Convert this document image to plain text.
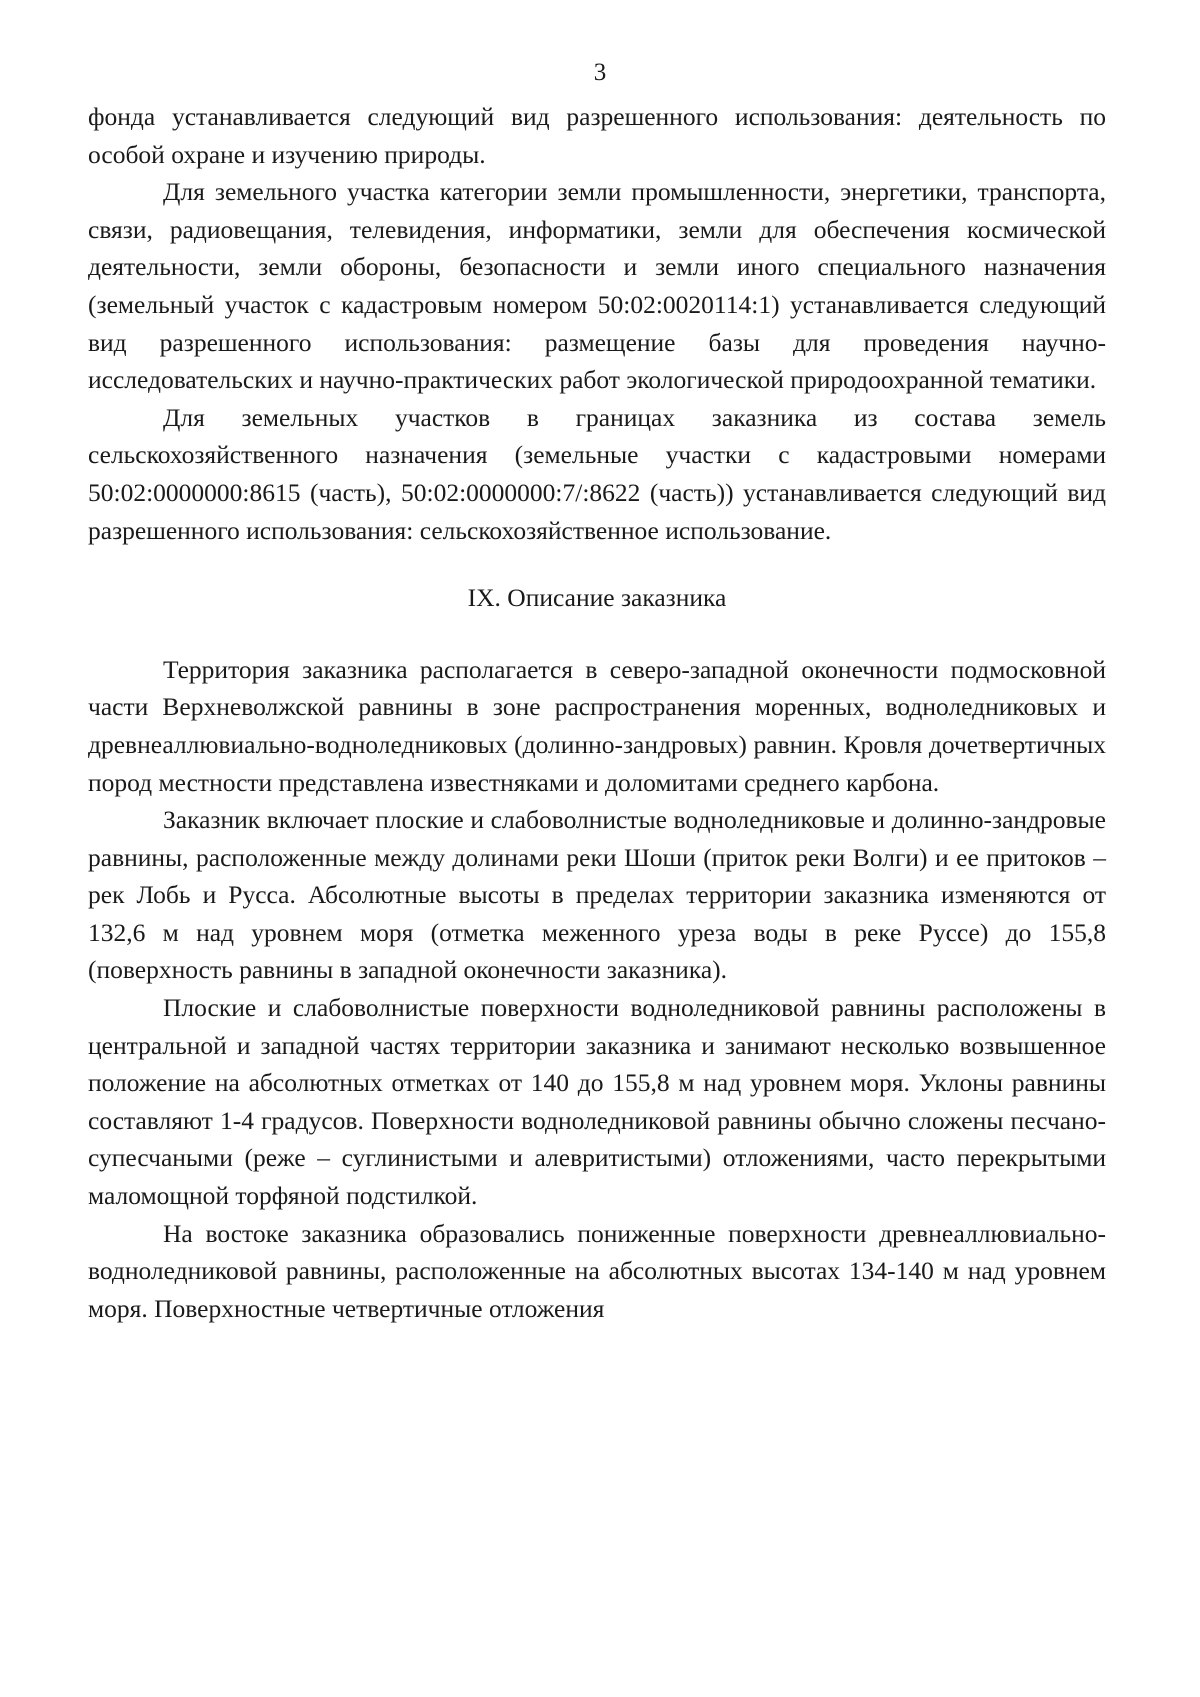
3

фонда устанавливается следующий вид разрешенного использования: деятельность по особой охране и изучению природы.

Для земельного участка категории земли промышленности, энергетики, транспорта, связи, радиовещания, телевидения, информатики, земли для обеспечения космической деятельности, земли обороны, безопасности и земли иного специального назначения (земельный участок с кадастровым номером 50:02:0020114:1) устанавливается следующий вид разрешенного использования: размещение базы для проведения научно-исследовательских и научно-практических работ экологической природоохранной тематики.

Для земельных участков в границах заказника из состава земель сельскохозяйственного назначения (земельные участки с кадастровыми номерами 50:02:0000000:8615 (часть), 50:02:0000000:7/:8622 (часть)) устанавливается следующий вид разрешенного использования: сельскохозяйственное использование.

IX. Описание заказника

Территория заказника располагается в северо-западной оконечности подмосковной части Верхневолжской равнины в зоне распространения моренных, водноледниковых и древнеаллювиально-водноледниковых (долинно-зандровых) равнин. Кровля дочетвертичных пород местности представлена известняками и доломитами среднего карбона.

Заказник включает плоские и слабоволнистые водноледниковые и долинно-зандровые равнины, расположенные между долинами реки Шоши (приток реки Волги) и ее притоков – рек Лобь и Русса. Абсолютные высоты в пределах территории заказника изменяются от 132,6 м над уровнем моря (отметка меженного уреза воды в реке Руссе) до 155,8 (поверхность равнины в западной оконечности заказника).

Плоские и слабоволнистые поверхности водноледниковой равнины расположены в центральной и западной частях территории заказника и занимают несколько возвышенное положение на абсолютных отметках от 140 до 155,8 м над уровнем моря. Уклоны равнины составляют 1-4 градусов. Поверхности водноледниковой равнины обычно сложены песчано-супесчаными (реже – суглинистыми и алевритистыми) отложениями, часто перекрытыми маломощной торфяной подстилкой.

На востоке заказника образовались пониженные поверхности древнеаллювиально-водноледниковой равнины, расположенные на абсолютных высотах 134-140 м над уровнем моря. Поверхностные четвертичные отложения
